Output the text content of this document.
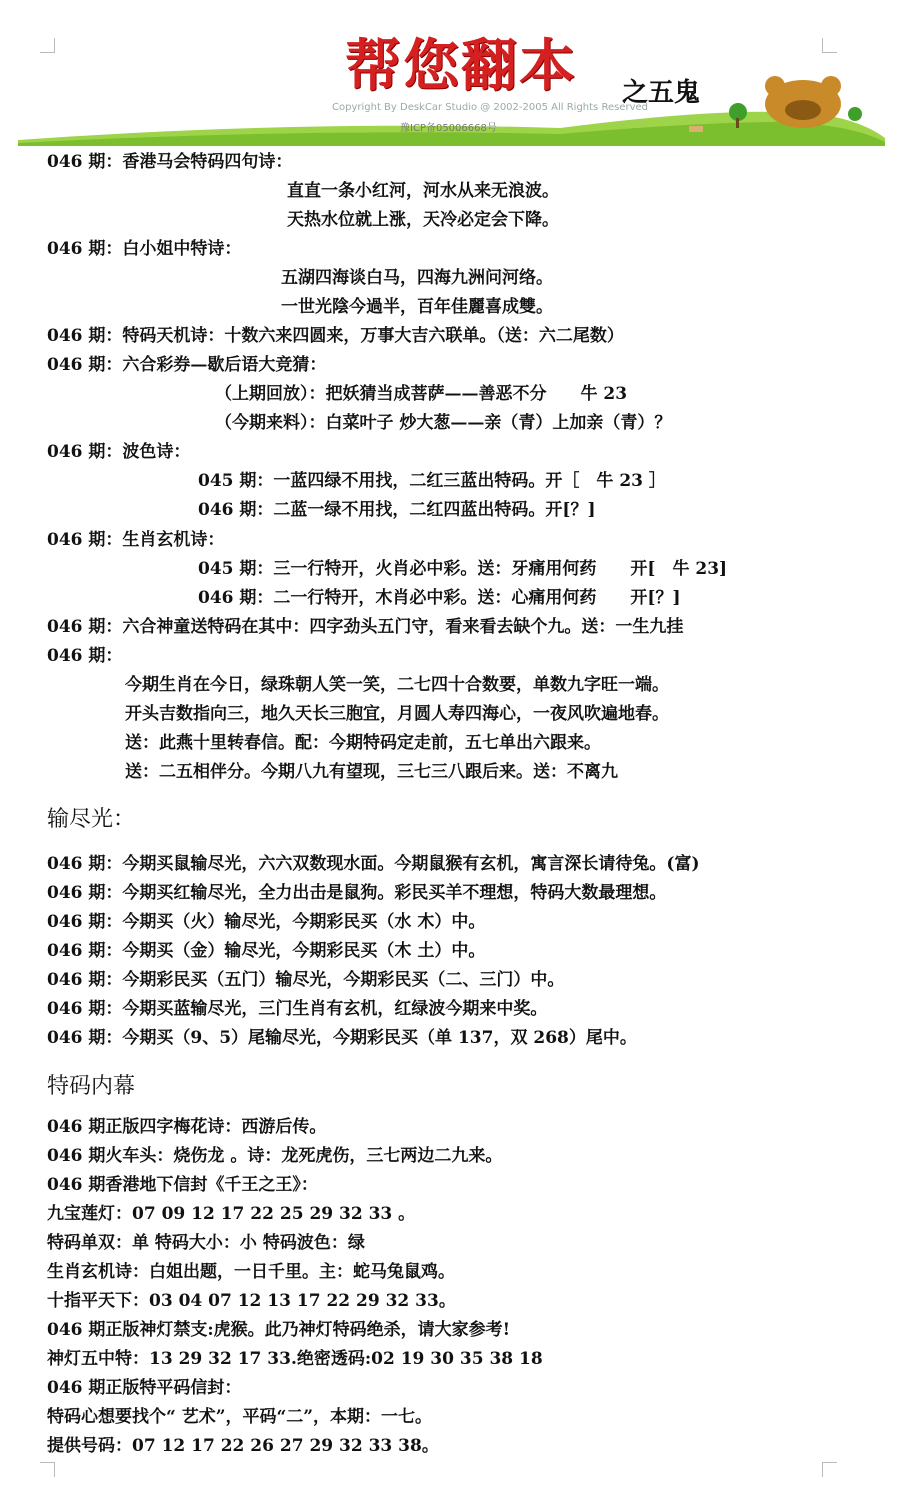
帮您翻本 之五鬼
Copyright By DeskCar Studio @ 2002-2005 All Rights Reserved
豫ICP备05006668号
046 期：香港马会特码四句诗：
直直一条小红河，河水从来无浪波。
天热水位就上涨，天冷必定会下降。
046 期：白小姐中特诗：
五湖四海谈白马，四海九洲问河络。
一世光陰今過半，百年佳麗喜成雙。
046 期：特码天机诗：十数六来四圆来，万事大吉六联单。（送：六二尾数）
046 期：六合彩券—歇后语大竞猜：
（上期回放）：把妖猜当成菩萨——善恶不分　　牛 23
（今期来料）：白菜叶子 炒大葱——亲（青）上加亲（青）？
046 期：波色诗：
045 期：一蓝四绿不用找，二红三蓝出特码。开［　牛 23 ］
046 期：二蓝一绿不用找，二红四蓝出特码。开[？]
046 期：生肖玄机诗：
045 期：三一行特开，火肖必中彩。送：牙痛用何药　　开[　牛 23]
046 期：二一行特开，木肖必中彩。送：心痛用何药　　开[？]
046 期：六合神童送特码在其中：四字劲头五门守，看来看去缺个九。送：一生九挂
046 期：
今期生肖在今日，绿珠朝人笑一笑，二七四十合数要，单数九字旺一端。
开头吉数指向三，地久天长三胞宜，月圆人寿四海心，一夜风吹遍地春。
送：此燕十里转春信。配：今期特码定走前，五七单出六跟来。
送：二五相伴分。今期八九有望现，三七三八跟后来。送：不离九
输尽光：
046 期：今期买鼠输尽光，六六双数现水面。今期鼠猴有玄机，寓言深长请待兔。(富)
046 期：今期买红输尽光，全力出击是鼠狗。彩民买羊不理想，特码大数最理想。
046 期：今期买（火）输尽光，今期彩民买（水 木）中。
046 期：今期买（金）输尽光，今期彩民买（木 土）中。
046 期：今期彩民买（五门）输尽光，今期彩民买（二、三门）中。
046 期：今期买蓝输尽光，三门生肖有玄机，红绿波今期来中奖。
046 期：今期买（9、5）尾输尽光，今期彩民买（单 137，双 268）尾中。
特码内幕
046 期正版四字梅花诗：西游后传。
046 期火车头：烧伤龙 。诗：龙死虎伤，三七两边二九来。
046 期香港地下信封《千王之王》：
九宝莲灯：07 09 12 17 22 25 29 32 33 。
特码单双：单 特码大小：小 特码波色：绿
生肖玄机诗：白姐出题，一日千里。主：蛇马兔鼠鸡。
十指平天下：03 04 07 12 13 17 22 29 32 33。
046 期正版神灯禁支:虎猴。此乃神灯特码绝杀，请大家参考!
神灯五中特：13 29 32 17 33.绝密透码:02 19 30 35 38 18
046 期正版特平码信封：
特码心想要找个“ 艺术”，平码“二”，本期：一七。
提供号码：07 12 17 22 26 27 29 32 33 38。
